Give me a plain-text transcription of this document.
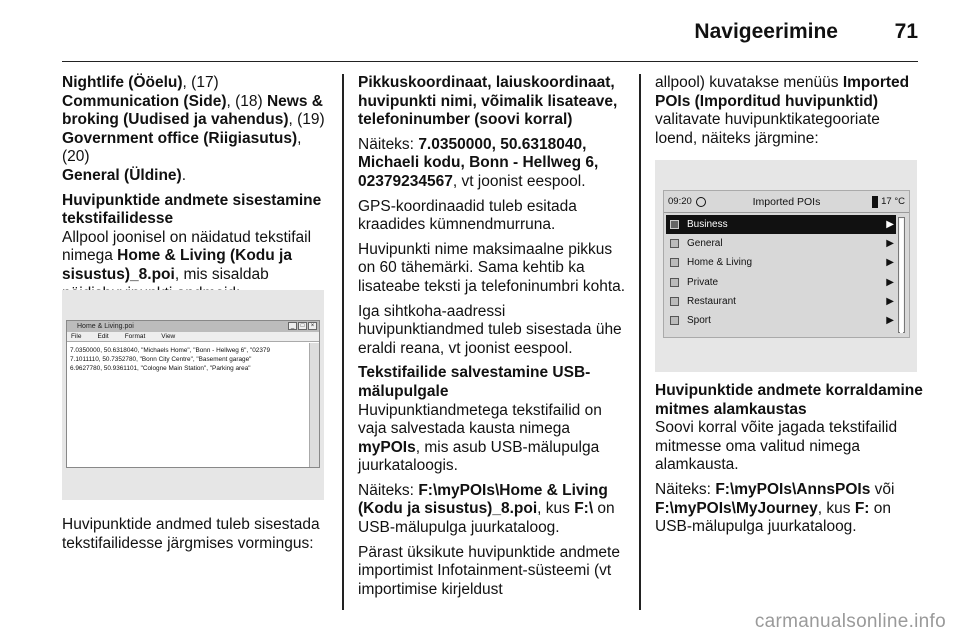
Navigeerimine	71

Nightlife (Ööelu), (17)
Communication (Side), (18) News & broking (Uudised ja vahendus), (19)
Government office (Riigiasutus), (20)
General (Üldine).

Huvipunktide andmete sisestamine tekstifailidesse
Allpool joonisel on näidatud tekstifail nimega Home & Living (Kodu ja sisustus)_8.poi, mis sisaldab

Home & Living.poi	_	□	×
File Edit Format View
7.0350000, 50.6318040, "Michaels Home", "Bonn - Hellweg 6", "02379
7.1011110, 50.7352780, "Bonn City Centre", "Basement garage"
6.9627780, 50.9361101, "Cologne Main Station", "Parking area"

Huvipunktide andmed tuleb sisestada tekstifailidesse järgmises vormingus:

Pikkuskoordinaat, laiuskoordinaat, huvipunkti nimi, võimalik lisateave, telefoninumber (soovi korral)

Näiteks: 7.0350000, 50.6318040, Michaeli kodu, Bonn - Hellweg 6, 02379234567, vt joonist eespool.

GPS-koordinaadid tuleb esitada kraadides kümnendmurruna.

Huvipunkti nime maksimaalne pikkus on 60 tähemärki. Sama kehtib ka lisateabe teksti ja telefoninumbri kohta.

Iga sihtkoha-aadressi huvipunktiandmed tuleb sisestada ühe eraldi reana, vt joonist eespool.

Tekstifailide salvestamine USB-mälupulgale
Huvipunktiandmetega tekstifailid on vaja salvestada kausta nimega myPOIs, mis asub USB-mälupulga juurkataloogis.

Näiteks: F:\myPOIs\Home & Living (Kodu ja sisustus)_8.poi, kus F:\ on USB-mälupulga juurkataloog.

Pärast üksikute huvipunktide andmete importimist Infotainment-süsteemi (vt importimise kirjeldust

allpool) kuvatakse menüüs Imported POIs (Imporditud huvipunktid)
valitavate huvipunktikategooriate loend, näiteks järgmine:

09:20	Imported POIs	17 °C
Business	▶
General	▶
Home & Living	▶
Private	▶
Restaurant	▶
Sport	▶

Huvipunktide andmete korraldamine mitmes alamkaustas
Soovi korral võite jagada tekstifailid mitmesse oma valitud nimega alamkausta.

Näiteks: F:\myPOIs\AnnsPOIs või
F:\myPOIs\MyJourney, kus F: on USB-mälupulga juurkataloog.

carmanualsonline.info
